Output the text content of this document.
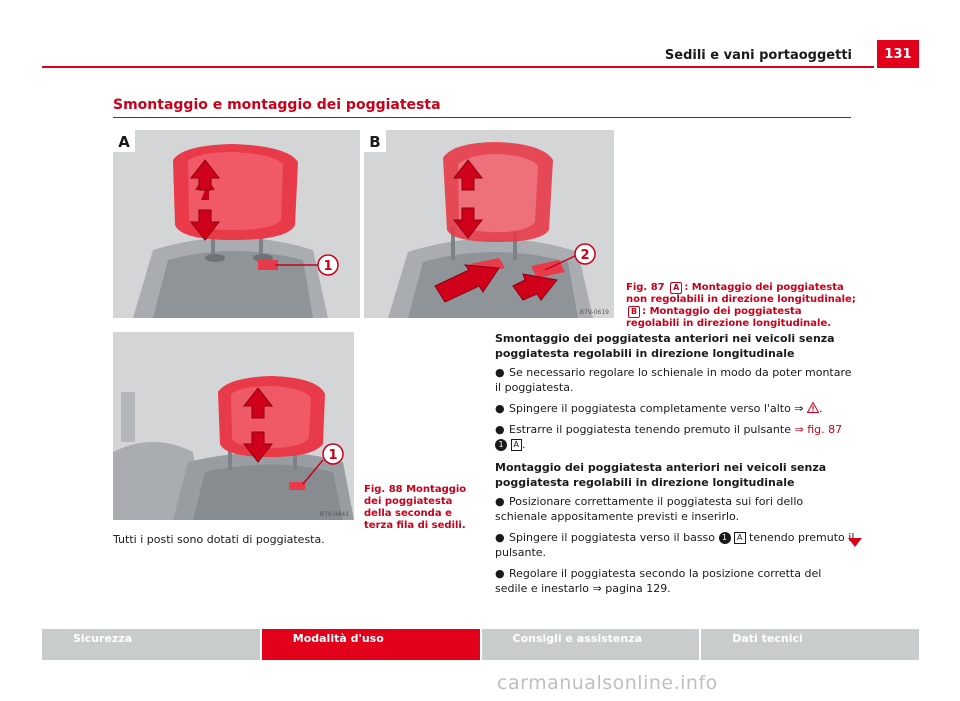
Sedili e vani portaoggetti	131
Smontaggio e montaggio dei poggiatesta
1
A
2
B
B7V-0619
Fig. 87 A : Montaggio dei poggiatesta non regolabili in direzione longitudinale; B : Montaggio dei poggiatesta regolabili in direzione longitudinale.
1
B7V-0441
Fig. 88 Montaggio dei poggiatesta della seconda e terza fila di sedili.
Tutti i posti sono dotati di poggiatesta.

Smontaggio dei poggiatesta anteriori nei veicoli senza poggiatesta regolabili in direzione longitudinale

● Se necessario regolare lo schienale in modo da poter montare il poggiatesta.

● Spingere il poggiatesta completamente verso l'alto ⇒ .

● Estrarre il poggiatesta tenendo premuto il pulsante ⇒ fig. 87 1 A .

Montaggio dei poggiatesta anteriori nei veicoli senza poggiatesta regolabili in direzione longitudinale

● Posizionare correttamente il poggiatesta sui fori dello schienale appositamente previsti e inserirlo.

● Spingere il poggiatesta verso il basso 1 A tenendo premuto il pulsante.

● Regolare il poggiatesta secondo la posizione corretta del sedile e inestarlo ⇒ pagina 129.

Sicurezza	Modalità d'uso	Consigli e assistenza	Dati tecnici
carmanualsonline.info
